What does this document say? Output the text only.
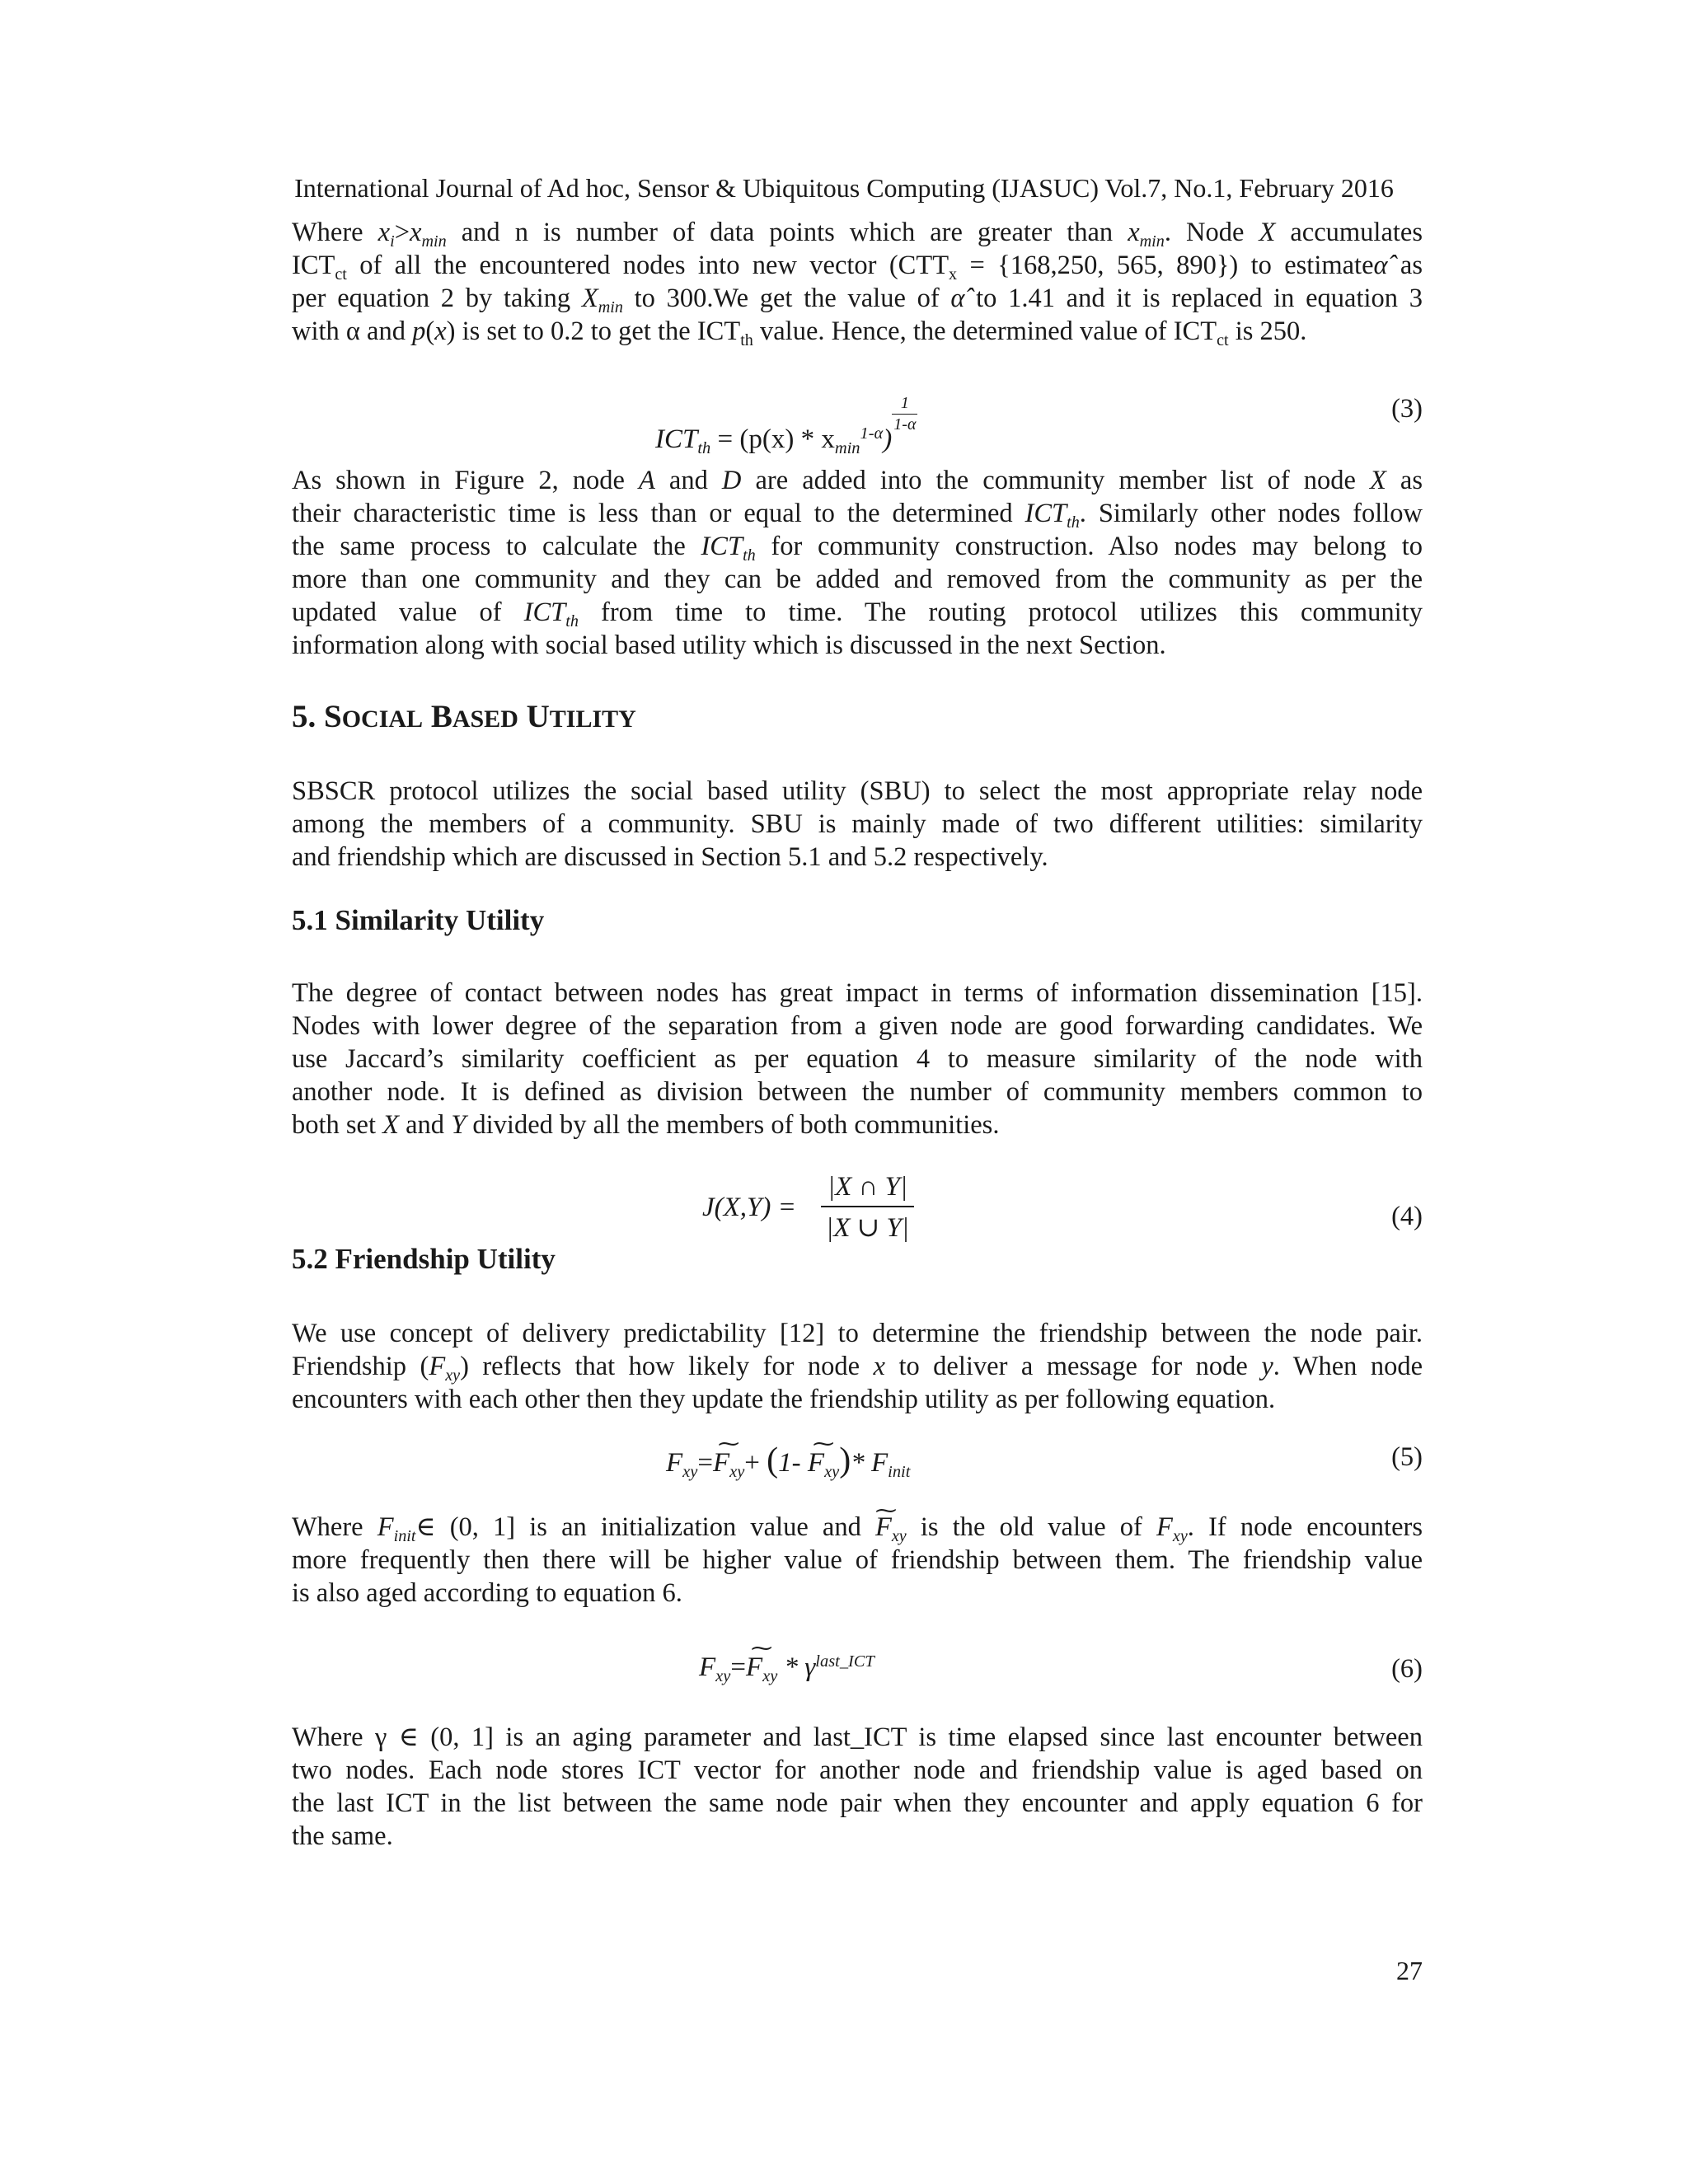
International Journal of Ad hoc, Sensor & Ubiquitous Computing (IJASUC) Vol.7, No.1, February 2016

Where $x_i>x_{min}$ and n is number of data points which are greater than $x_{min}$. Node X accumulates
$ICT_{ct}$ of all the encountered nodes into new vector ($CTT_x = \{168,250$, 565, 890}) to estimateα̂ as
per equation 2 by taking $X_{min}$ to 300.We get the value of α̂ to 1.41 and it is replaced in equation 3
with α and p(x) is set to 0.2 to get the $ICT_{th}$ value. Hence, the determined value of $ICT_{ct}$ is 250.

$ICT_{th} = (p(x) * x_{min}^{1-\alpha})$
$\frac{1}{1-\alpha}$	(3)

As shown in Figure 2, node A and D are added into the community member list of node X as
their characteristic time is less than or equal to the determined $ICT_{th}$. Similarly other nodes follow
the same process to calculate the $ICT_{th}$ for community construction. Also nodes may belong to
more than one community and they can be added and removed from the community as per the
updated value of $ICT_{th}$ from time to time. The routing protocol utilizes this community
information along with social based utility which is discussed in the next Section.

5. SOCIAL BASED UTILITY

SBSCR protocol utilizes the social based utility (SBU) to select the most appropriate relay node
among the members of a community. SBU is mainly made of two different utilities: similarity
and friendship which are discussed in Section 5.1 and 5.2 respectively.

5.1 Similarity Utility

The degree of contact between nodes has great impact in terms of information dissemination [15].
Nodes with lower degree of the separation from a given node are good forwarding candidates. We
use Jaccard’s similarity coefficient as per equation 4 to measure similarity of the node with
another node. It is defined as division between the number of community members common to
both set X and Y divided by all the members of both communities.

$J(X,Y) = \frac{|X \cap Y|}{|X \cup Y|}$	(4)
5.2 Friendship Utility

We use concept of delivery predictability [12] to determine the friendship between the node pair.
Friendship $(F_{xy})$ reflects that how likely for node x to deliver a message for node y. When node
encounters with each other then they update the friendship utility as per following equation.

$F_{xy}=⁓$ $F_{xy}+ (1-$ ⁓ $F_{xy})*$ $F_{init}$
(5)

Where $F_{init}\in$ (0, 1] is an initialization value and ⁓ $F_{xy}$ is the old value of $F_{xy}$. If node encounters
more frequently then there will be higher value of friendship between them. The friendship value
is also aged according to equation 6.

$F_{xy}=⁓$ $F_{xy} * \gamma^{last\_ICT}$	(6)

Where γ ∈ (0, 1] is an aging parameter and last_ICT is time elapsed since last encounter between
two nodes. Each node stores ICT vector for another node and friendship value is aged based on
the last ICT in the list between the same node pair when they encounter and apply equation 6 for
the same.

27
